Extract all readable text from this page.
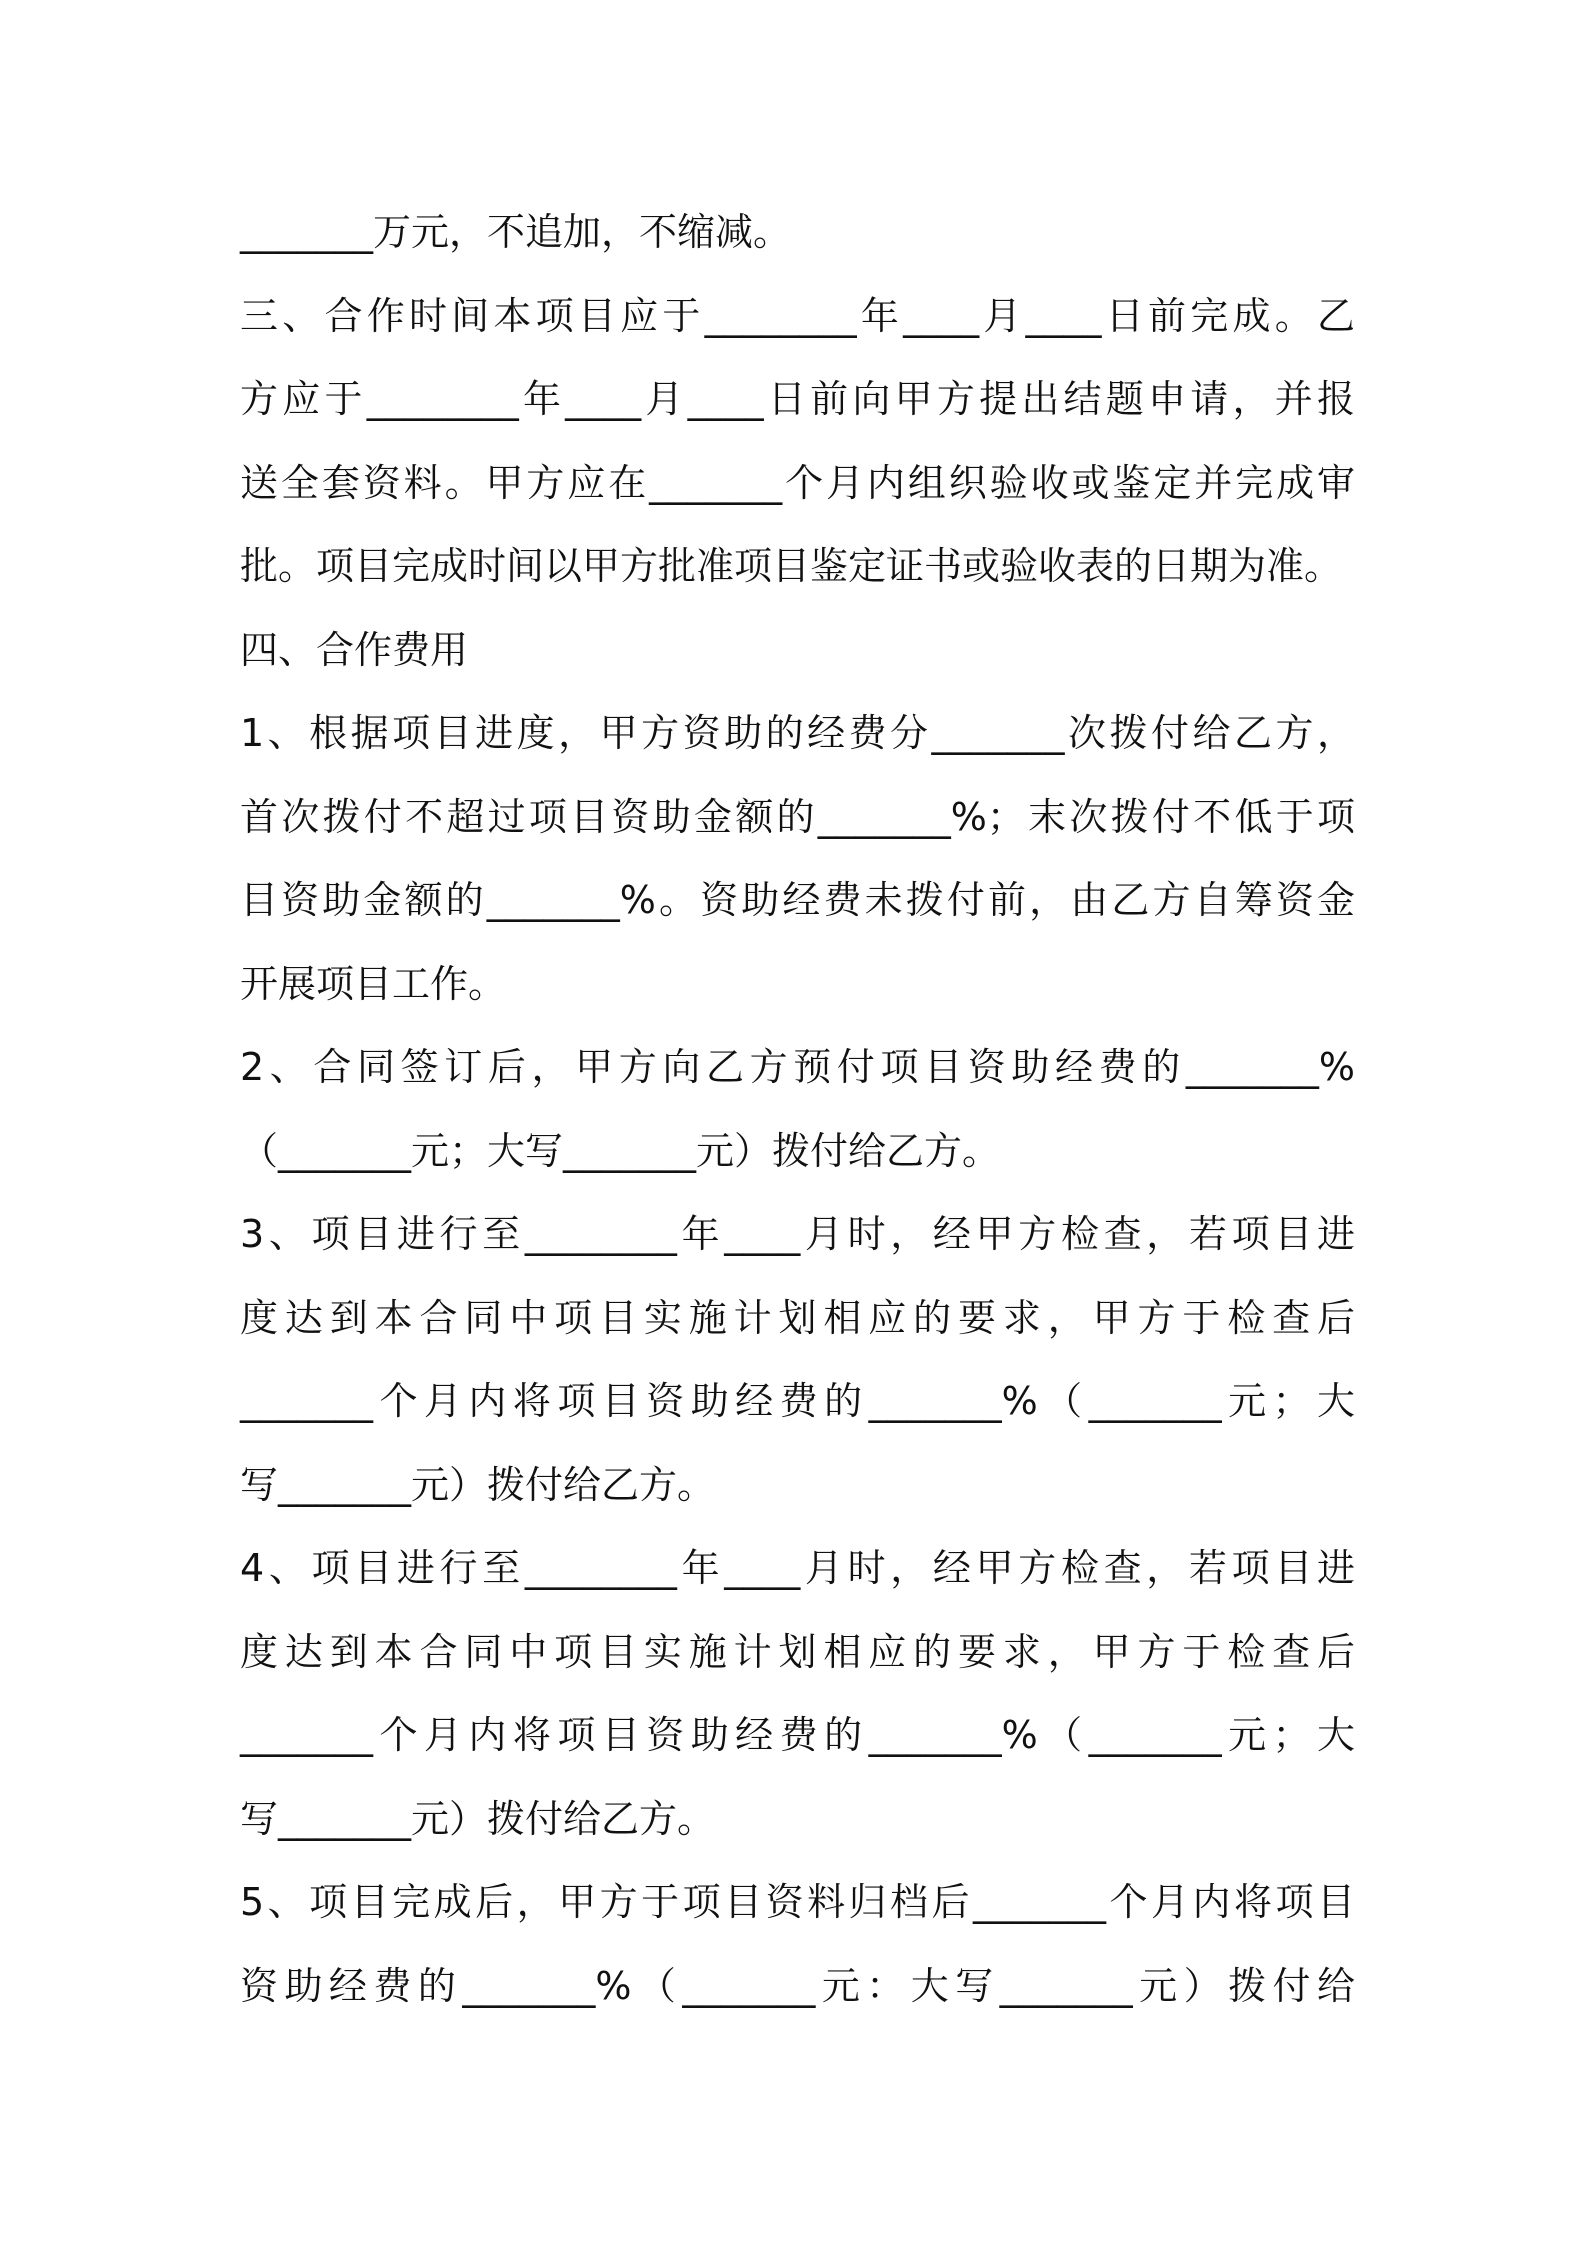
_______万元，不追加，不缩减。
三、合作时间本项目应于________年____月____日前完成。乙
方应于________年____月____日前向甲方提出结题申请，并报
送全套资料。甲方应在_______个月内组织验收或鉴定并完成审
批。项目完成时间以甲方批准项目鉴定证书或验收表的日期为准。
四、合作费用
1、根据项目进度，甲方资助的经费分_______次拨付给乙方，
首次拨付不超过项目资助金额的_______%；末次拨付不低于项
目资助金额的_______%。资助经费未拨付前，由乙方自筹资金
开展项目工作。
2、合同签订后，甲方向乙方预付项目资助经费的_______%
（_______元；大写_______元）拨付给乙方。
3、项目进行至________年____月时，经甲方检查，若项目进
度达到本合同中项目实施计划相应的要求，甲方于检查后
_______个月内将项目资助经费的_______%（_______元；大
写_______元）拨付给乙方。
4、项目进行至________年____月时，经甲方检查，若项目进
度达到本合同中项目实施计划相应的要求，甲方于检查后
_______个月内将项目资助经费的_______%（_______元；大
写_______元）拨付给乙方。
5、项目完成后，甲方于项目资料归档后_______个月内将项目
资助经费的_______%（_______元：大写_______元）拨付给
